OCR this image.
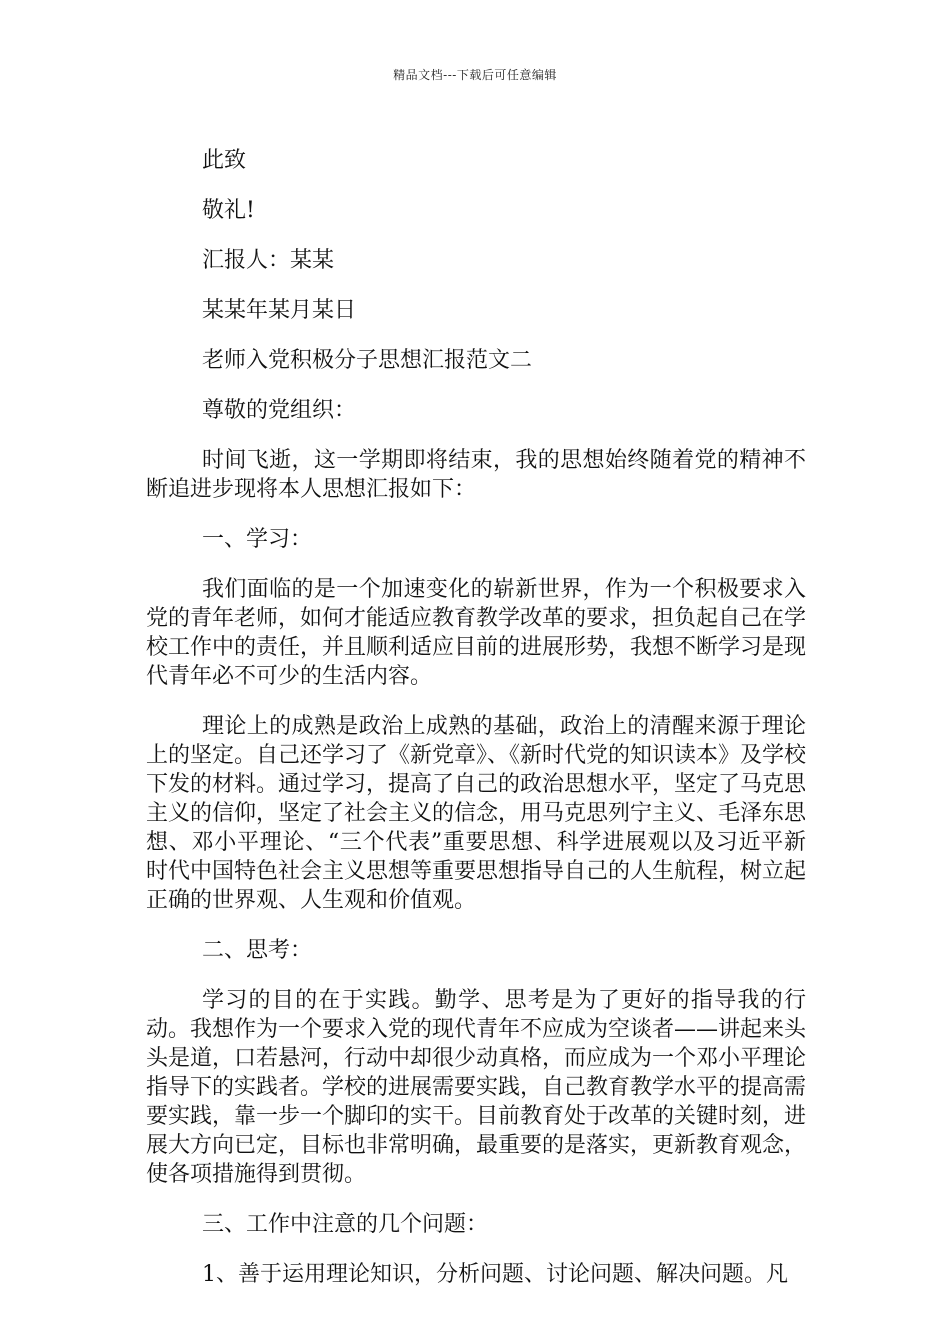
精品文档---下载后可任意编辑

此致

敬礼!

汇报人：某某

某某年某月某日

老师入党积极分子思想汇报范文二

尊敬的党组织：

时间飞逝，这一学期即将结束，我的思想始终随着党的精神不断追进步现将本人思想汇报如下：

一、学习：

我们面临的是一个加速变化的崭新世界，作为一个积极要求入党的青年老师，如何才能适应教育教学改革的要求，担负起自己在学校工作中的责任，并且顺利适应目前的进展形势，我想不断学习是现代青年必不可少的生活内容。

理论上的成熟是政治上成熟的基础，政治上的清醒来源于理论上的坚定。自己还学习了《新党章》、《新时代党的知识读本》及学校下发的材料。通过学习，提高了自己的政治思想水平，坚定了马克思主义的信仰，坚定了社会主义的信念，用马克思列宁主义、毛泽东思想、邓小平理论、“三个代表”重要思想、科学进展观以及习近平新时代中国特色社会主义思想等重要思想指导自己的人生航程，树立起正确的世界观、人生观和价值观。

二、思考：

学习的目的在于实践。勤学、思考是为了更好的指导我的行动。我想作为一个要求入党的现代青年不应成为空谈者——讲起来头头是道，口若悬河，行动中却很少动真格，而应成为一个邓小平理论指导下的实践者。学校的进展需要实践，自己教育教学水平的提高需要实践，靠一步一个脚印的实干。目前教育处于改革的关键时刻，进展大方向已定，目标也非常明确，最重要的是落实，更新教育观念，使各项措施得到贯彻。

三、工作中注意的几个问题：

1、善于运用理论知识，分析问题、讨论问题、解决问题。凡
